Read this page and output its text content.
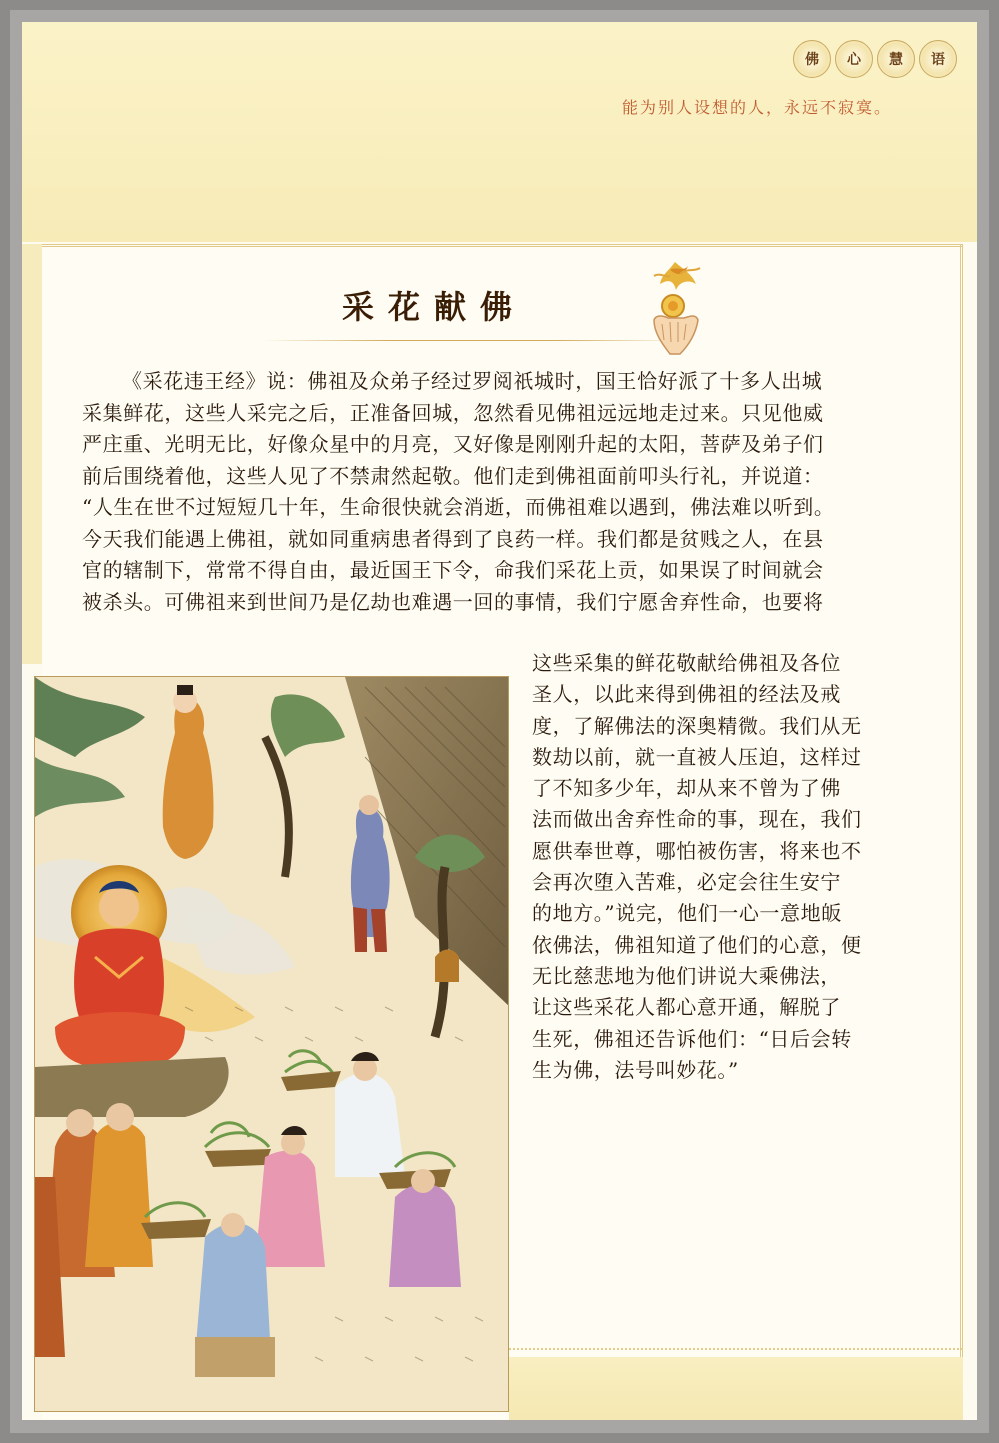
佛	心	慧	语
能为别人设想的人，永远不寂寞。
采花献佛
《采花违王经》说：佛祖及众弟子经过罗阅祇城时，国王恰好派了十多人出城
采集鲜花，这些人采完之后，正准备回城，忽然看见佛祖远远地走过来。只见他威
严庄重、光明无比，好像众星中的月亮，又好像是刚刚升起的太阳，菩萨及弟子们
前后围绕着他，这些人见了不禁肃然起敬。他们走到佛祖面前叩头行礼，并说道：
“人生在世不过短短几十年，生命很快就会消逝，而佛祖难以遇到，佛法难以听到。
今天我们能遇上佛祖，就如同重病患者得到了良药一样。我们都是贫贱之人，在县
官的辖制下，常常不得自由，最近国王下令，命我们采花上贡，如果误了时间就会
被杀头。可佛祖来到世间乃是亿劫也难遇一回的事情，我们宁愿舍弃性命，也要将
这些采集的鲜花敬献给佛祖及各位
圣人，以此来得到佛祖的经法及戒
度，了解佛法的深奥精微。我们从无
数劫以前，就一直被人压迫，这样过
了不知多少年，却从来不曾为了佛
法而做出舍弃性命的事，现在，我们
愿供奉世尊，哪怕被伤害，将来也不
会再次堕入苦难，必定会往生安宁
的地方。”说完，他们一心一意地皈
依佛法，佛祖知道了他们的心意，便
无比慈悲地为他们讲说大乘佛法，
让这些采花人都心意开通，解脱了
生死，佛祖还告诉他们：“日后会转
生为佛，法号叫妙花。”
